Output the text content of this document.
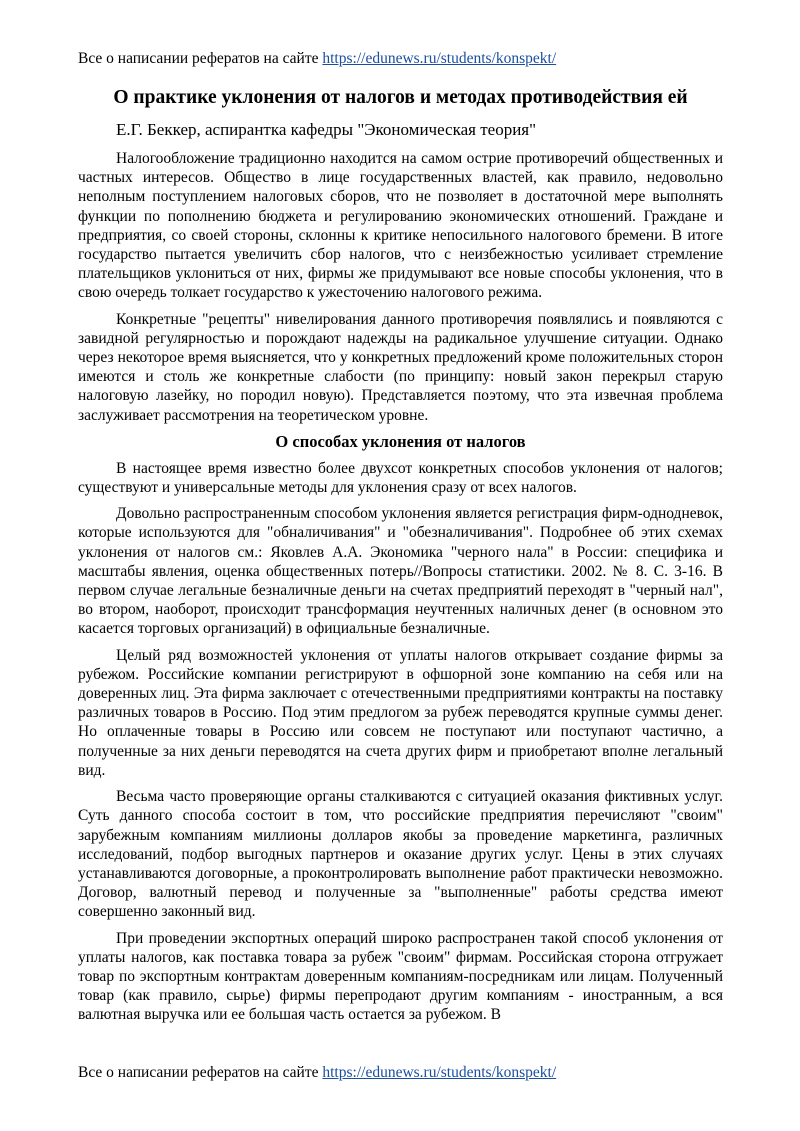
Все о написании рефератов на сайте https://edunews.ru/students/konspekt/
О практике уклонения от налогов и методах противодействия ей
Е.Г. Беккер, аспирантка кафедры "Экономическая теория"

Налогообложение традиционно находится на самом острие противоречий общественных и частных интересов. Общество в лице государственных властей, как правило, недовольно неполным поступлением налоговых сборов, что не позволяет в достаточной мере выполнять функции по пополнению бюджета и регулированию экономических отношений. Граждане и предприятия, со своей стороны, склонны к критике непосильного налогового бремени. В итоге государство пытается увеличить сбор налогов, что с неизбежностью усиливает стремление плательщиков уклониться от них, фирмы же придумывают все новые способы уклонения, что в свою очередь толкает государство к ужесточению налогового режима.

Конкретные "рецепты" нивелирования данного противоречия появлялись и появляются с завидной регулярностью и порождают надежды на радикальное улучшение ситуации. Однако через некоторое время выясняется, что у конкретных предложений кроме положительных сторон имеются и столь же конкретные слабости (по принципу: новый закон перекрыл старую налоговую лазейку, но породил новую). Представляется поэтому, что эта извечная проблема заслуживает рассмотрения на теоретическом уровне.

О способах уклонения от налогов

В настоящее время известно более двухсот конкретных способов уклонения от налогов; существуют и универсальные методы для уклонения сразу от всех налогов.

Довольно распространенным способом уклонения является регистрация фирм-однодневок, которые используются для "обналичивания" и "обезналичивания". Подробнее об этих схемах уклонения от налогов см.: Яковлев А.А. Экономика "черного нала" в России: специфика и масштабы явления, оценка общественных потерь//Вопросы статистики. 2002. № 8. С. 3-16. В первом случае легальные безналичные деньги на счетах предприятий переходят в "черный нал", во втором, наоборот, происходит трансформация неучтенных наличных денег (в основном это касается торговых организаций) в официальные безналичные.

Целый ряд возможностей уклонения от уплаты налогов открывает создание фирмы за рубежом. Российские компании регистрируют в офшорной зоне компанию на себя или на доверенных лиц. Эта фирма заключает с отечественными предприятиями контракты на поставку различных товаров в Россию. Под этим предлогом за рубеж переводятся крупные суммы денег. Но оплаченные товары в Россию или совсем не поступают или поступают частично, а полученные за них деньги переводятся на счета других фирм и приобретают вполне легальный вид.

Весьма часто проверяющие органы сталкиваются с ситуацией оказания фиктивных услуг. Суть данного способа состоит в том, что российские предприятия перечисляют "своим" зарубежным компаниям миллионы долларов якобы за проведение маркетинга, различных исследований, подбор выгодных партнеров и оказание других услуг. Цены в этих случаях устанавливаются договорные, а проконтролировать выполнение работ практически невозможно. Договор, валютный перевод и полученные за "выполненные" работы средства имеют совершенно законный вид.

При проведении экспортных операций широко распространен такой способ уклонения от уплаты налогов, как поставка товара за рубеж "своим" фирмам. Российская сторона отгружает товар по экспортным контрактам доверенным компаниям-посредникам или лицам. Полученный товар (как правило, сырье) фирмы перепродают другим компаниям - иностранным, а вся валютная выручка или ее большая часть остается за рубежом. В

Все о написании рефератов на сайте https://edunews.ru/students/konspekt/
